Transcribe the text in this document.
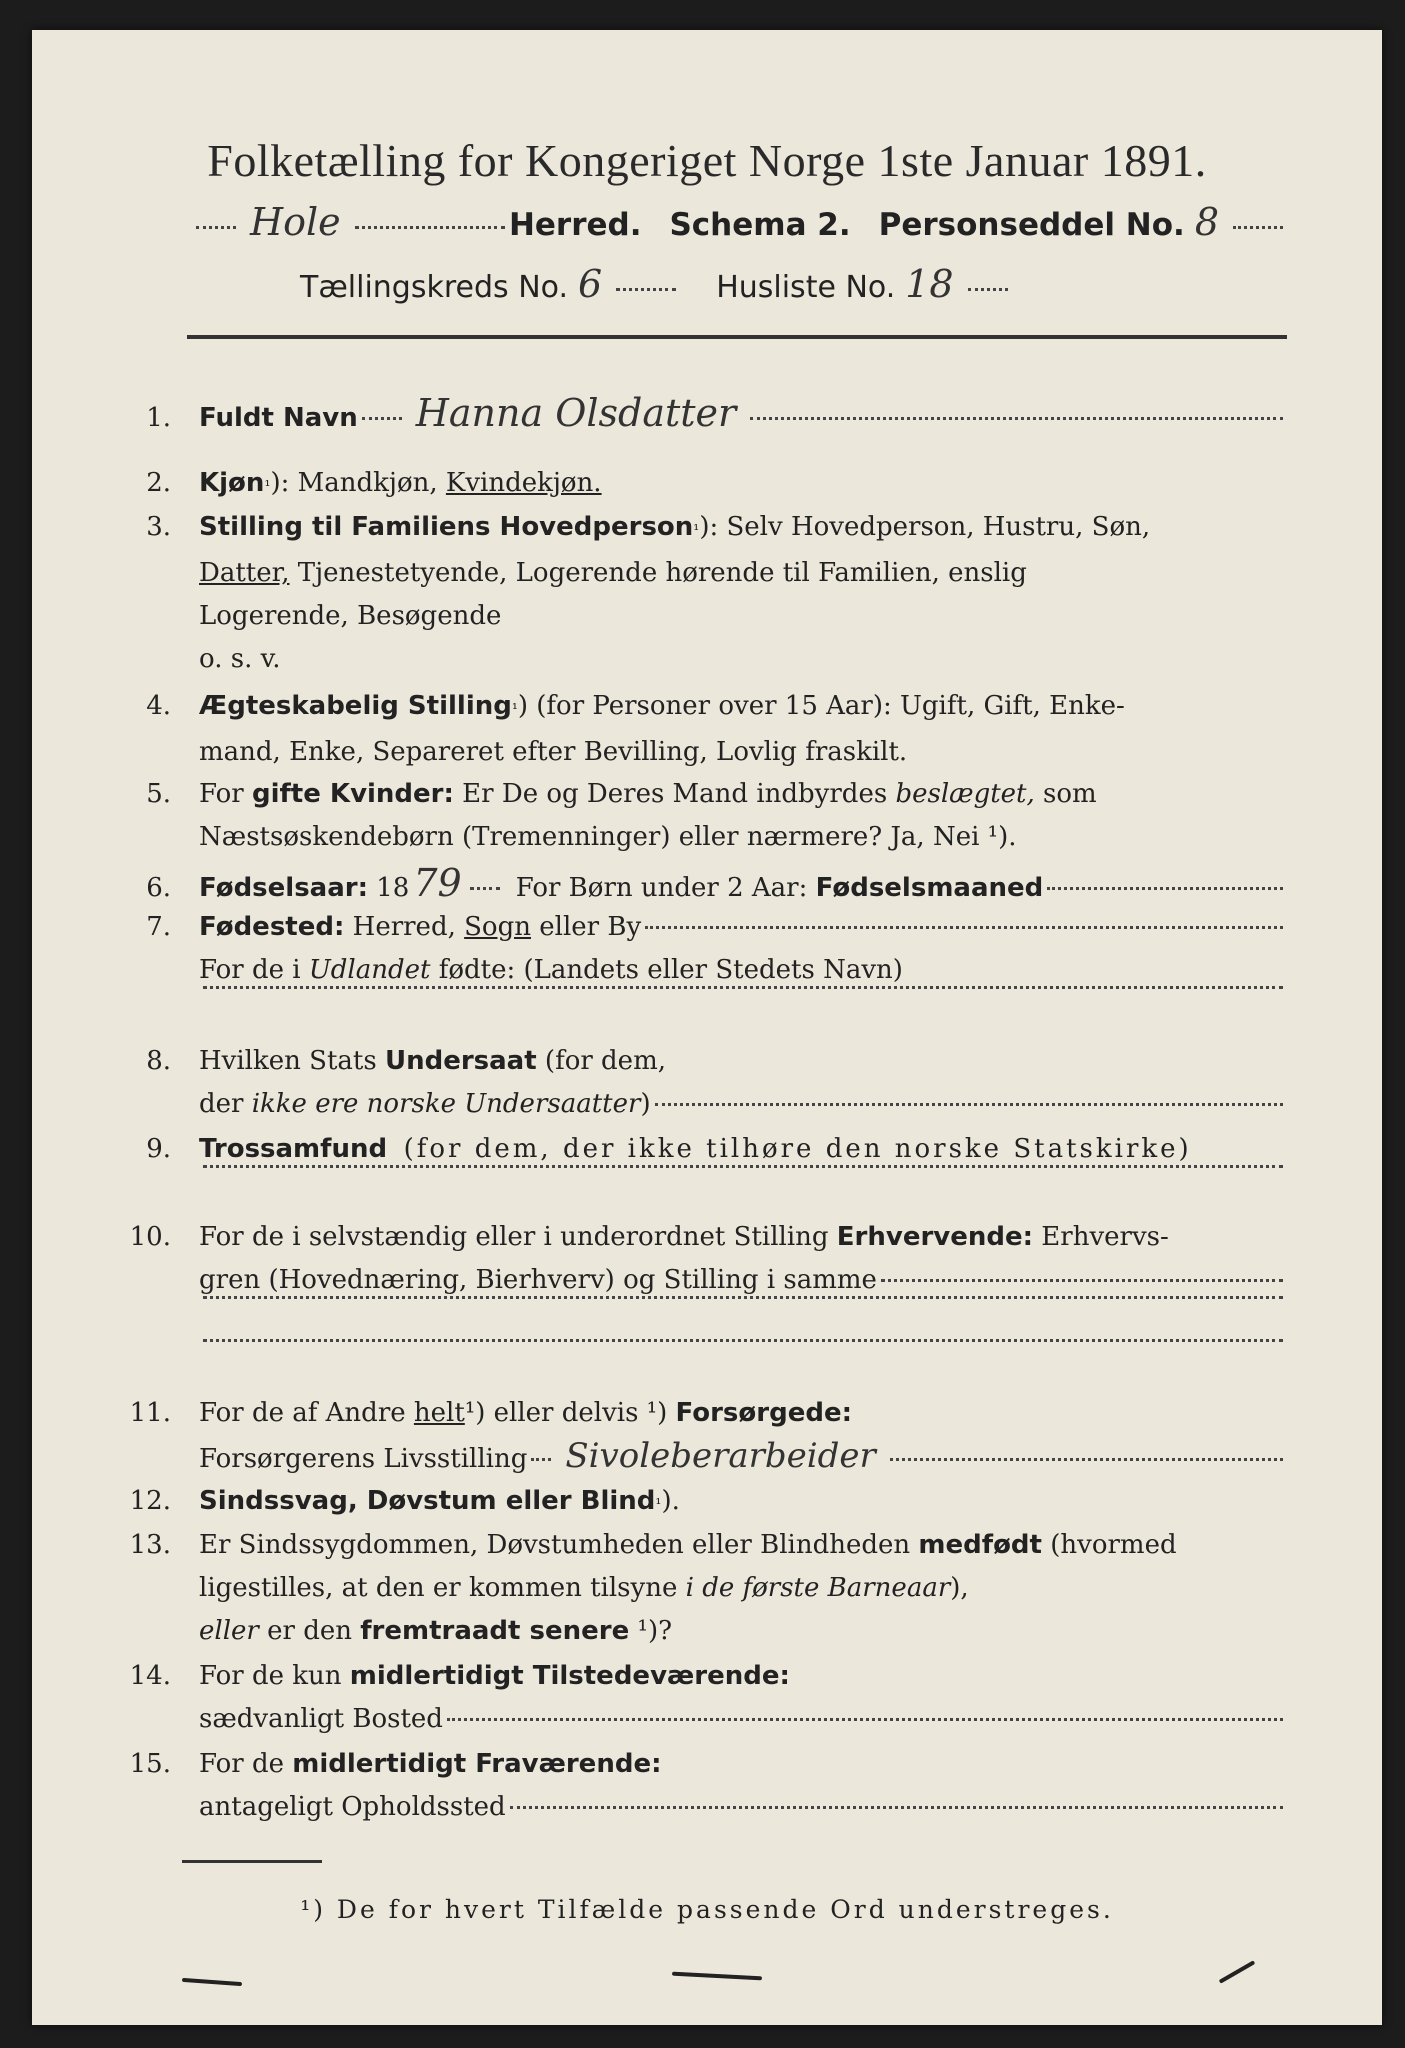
Folketælling for Kongeriget Norge 1ste Januar 1891.
Hole	Herred. Schema 2. Personseddel No. 8
Tællingskreds No. 6	Husliste No. 18
1. Fuldt Navn Hanna Olsdatter
2. Kjøn ¹ ): Mandkjøn,
Kvindekjøn.
3. Stilling til Familiens Hovedperson ¹ ): Selv Hovedperson, Hustru, Søn,
Datter,
Tjenestetyende, Logerende hørende til Familien, enslig
Logerende, Besøgende
o. s. v.
4. Ægteskabelig Stilling ¹ ) (for Personer over 15 Aar): Ugift, Gift, Enke-
mand, Enke, Separeret efter Bevilling, Lovlig fraskilt.
5. For
gifte Kvinder:
Er De og Deres Mand indbyrdes
beslægtet,
som
Næstsøskendebørn (Tremenninger) eller nærmere? Ja, Nei ¹).
6. Fødselsaar:
18 79 For Børn under 2 Aar:
Fødselsmaaned
7. Fødested:
Herred,
Sogn
eller By
For de i
Udlandet
fødte: (Landets eller Stedets Navn)
8. Hvilken Stats
Undersaat
(for dem,
der
ikke ere norske Undersaatter )
9. Trossamfund
(for dem, der ikke tilhøre den norske Statskirke)
10. For de i selvstændig eller i underordnet Stilling
Erhvervende:
Erhvervs-
gren (Hovednæring, Bierhverv) og Stilling i samme
11. For de af Andre
helt ¹) eller delvis ¹)
Forsørgede:
Forsørgerens Livsstilling Sivoleberarbeider
12. Sindssvag, Døvstum eller Blind ¹ ).
13. Er Sindssygdommen, Døvstumheden eller Blindheden
medfødt
(hvormed
ligestilles, at den er kommen tilsyne
i de første Barneaar ),
eller
er den
fremtraadt senere
¹)?
14. For de kun
midlertidigt Tilstedeværende:
sædvanligt Bosted
15. For de
midlertidigt Fraværende:
antageligt Opholdssted
¹) De for hvert Tilfælde passende Ord understreges.
